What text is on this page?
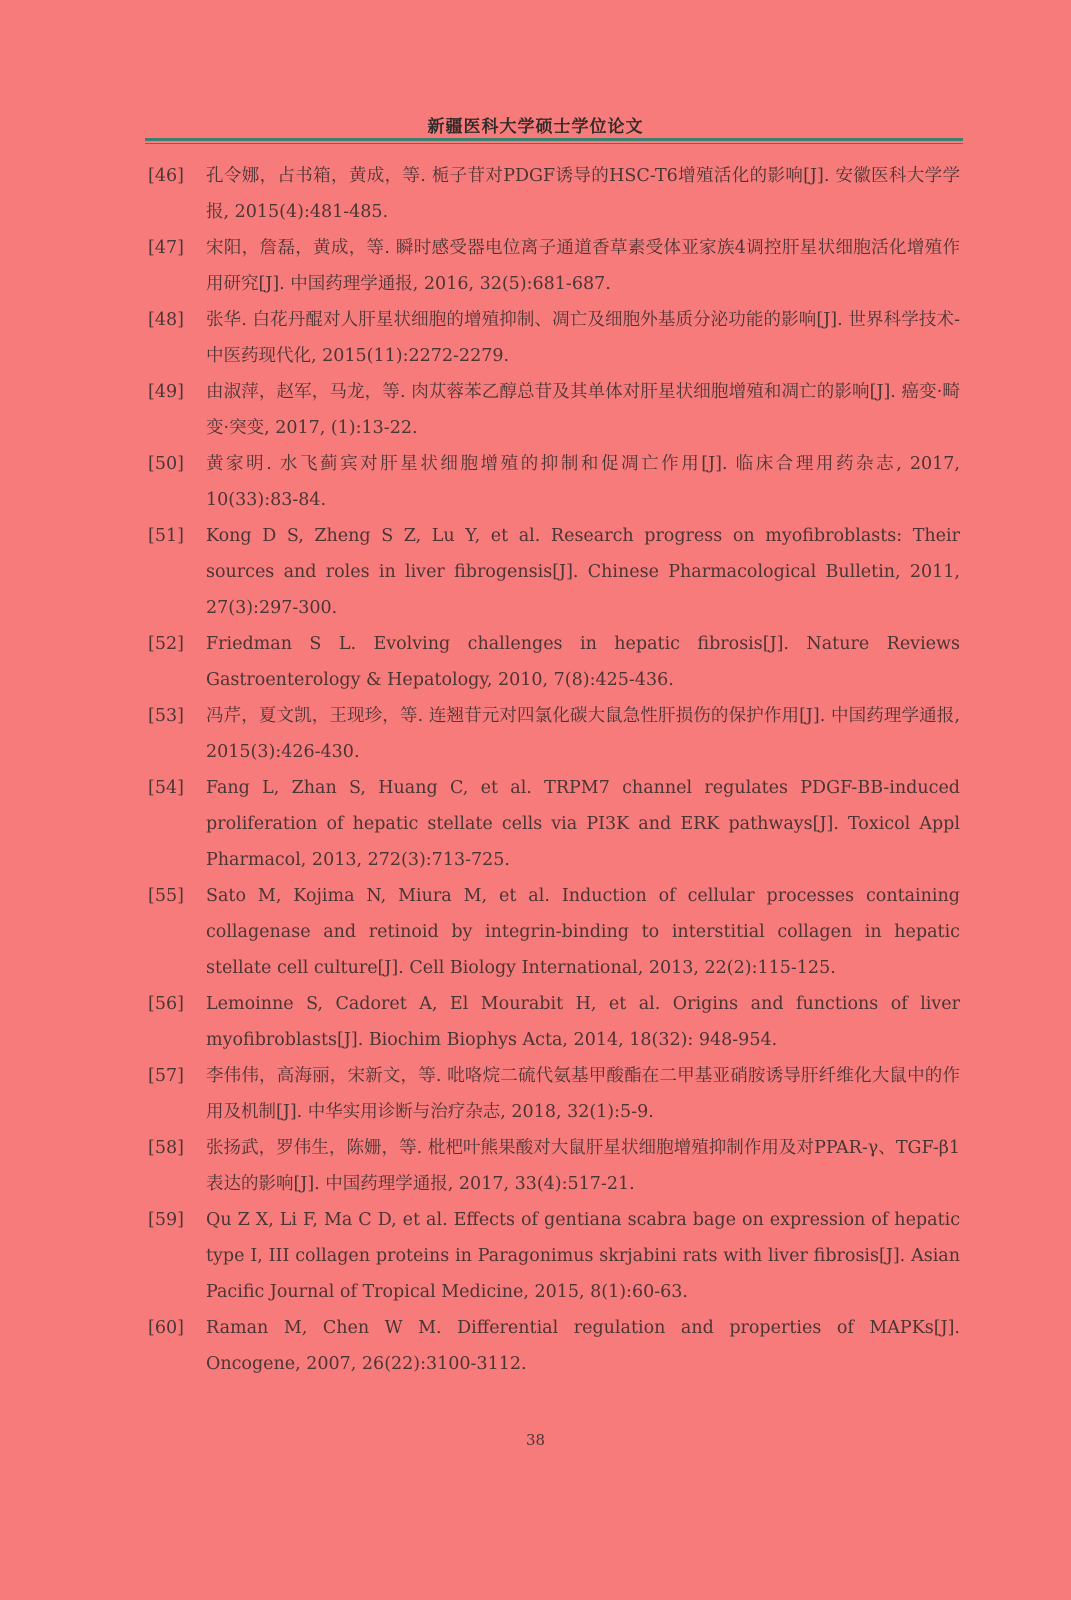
新疆医科大学硕士学位论文
[46]	孔令娜，占书箱，黄成，等. 栀子苷对PDGF诱导的HSC-T6增殖活化的影响[J]. 安徽医科大学学报, 2015(4):481-485.
[47]	宋阳，詹磊，黄成，等. 瞬时感受器电位离子通道香草素受体亚家族4调控肝星状细胞活化增殖作用研究[J]. 中国药理学通报, 2016, 32(5):681-687.
[48]	张华. 白花丹醌对人肝星状细胞的增殖抑制、凋亡及细胞外基质分泌功能的影响[J]. 世界科学技术-中医药现代化, 2015(11):2272-2279.
[49]	由淑萍，赵军，马龙，等. 肉苁蓉苯乙醇总苷及其单体对肝星状细胞增殖和凋亡的影响[J]. 癌变·畸变·突变, 2017, (1):13-22.
[50]	黄家明. 水飞蓟宾对肝星状细胞增殖的抑制和促凋亡作用[J]. 临床合理用药杂志, 2017, 10(33):83-84.
[51]	Kong D S, Zheng S Z, Lu Y, et al. Research progress on myofibroblasts: Their sources and roles in liver fibrogensis[J]. Chinese Pharmacological Bulletin, 2011, 27(3):297-300.
[52]	Friedman S L. Evolving challenges in hepatic fibrosis[J]. Nature Reviews Gastroenterology & Hepatology, 2010, 7(8):425-436.
[53]	冯芹，夏文凯，王现珍，等. 连翘苷元对四氯化碳大鼠急性肝损伤的保护作用[J]. 中国药理学通报, 2015(3):426-430.
[54]	Fang L, Zhan S, Huang C, et al. TRPM7 channel regulates PDGF-BB-induced proliferation of hepatic stellate cells via PI3K and ERK pathways[J]. Toxicol Appl Pharmacol, 2013, 272(3):713-725.
[55]	Sato M, Kojima N, Miura M, et al. Induction of cellular processes containing collagenase and retinoid by integrin-binding to interstitial collagen in hepatic stellate cell culture[J]. Cell Biology International, 2013, 22(2):115-125.
[56]	Lemoinne S, Cadoret A, El Mourabit H, et al. Origins and functions of liver myofibroblasts[J]. Biochim Biophys Acta, 2014, 18(32): 948-954.
[57]	李伟伟，高海丽，宋新文，等. 吡咯烷二硫代氨基甲酸酯在二甲基亚硝胺诱导肝纤维化大鼠中的作用及机制[J]. 中华实用诊断与治疗杂志, 2018, 32(1):5-9.
[58]	张扬武，罗伟生，陈姗，等. 枇杷叶熊果酸对大鼠肝星状细胞增殖抑制作用及对PPAR-γ、TGF-β1表达的影响[J]. 中国药理学通报, 2017, 33(4):517-21.
[59]	Qu Z X, Li F, Ma C D, et al. Effects of gentiana scabra bage on expression of hepatic type I, III collagen proteins in Paragonimus skrjabini rats with liver fibrosis[J]. Asian Pacific Journal of Tropical Medicine, 2015, 8(1):60-63.
[60]	Raman M, Chen W M. Differential regulation and properties of MAPKs[J]. Oncogene, 2007, 26(22):3100-3112.
38
